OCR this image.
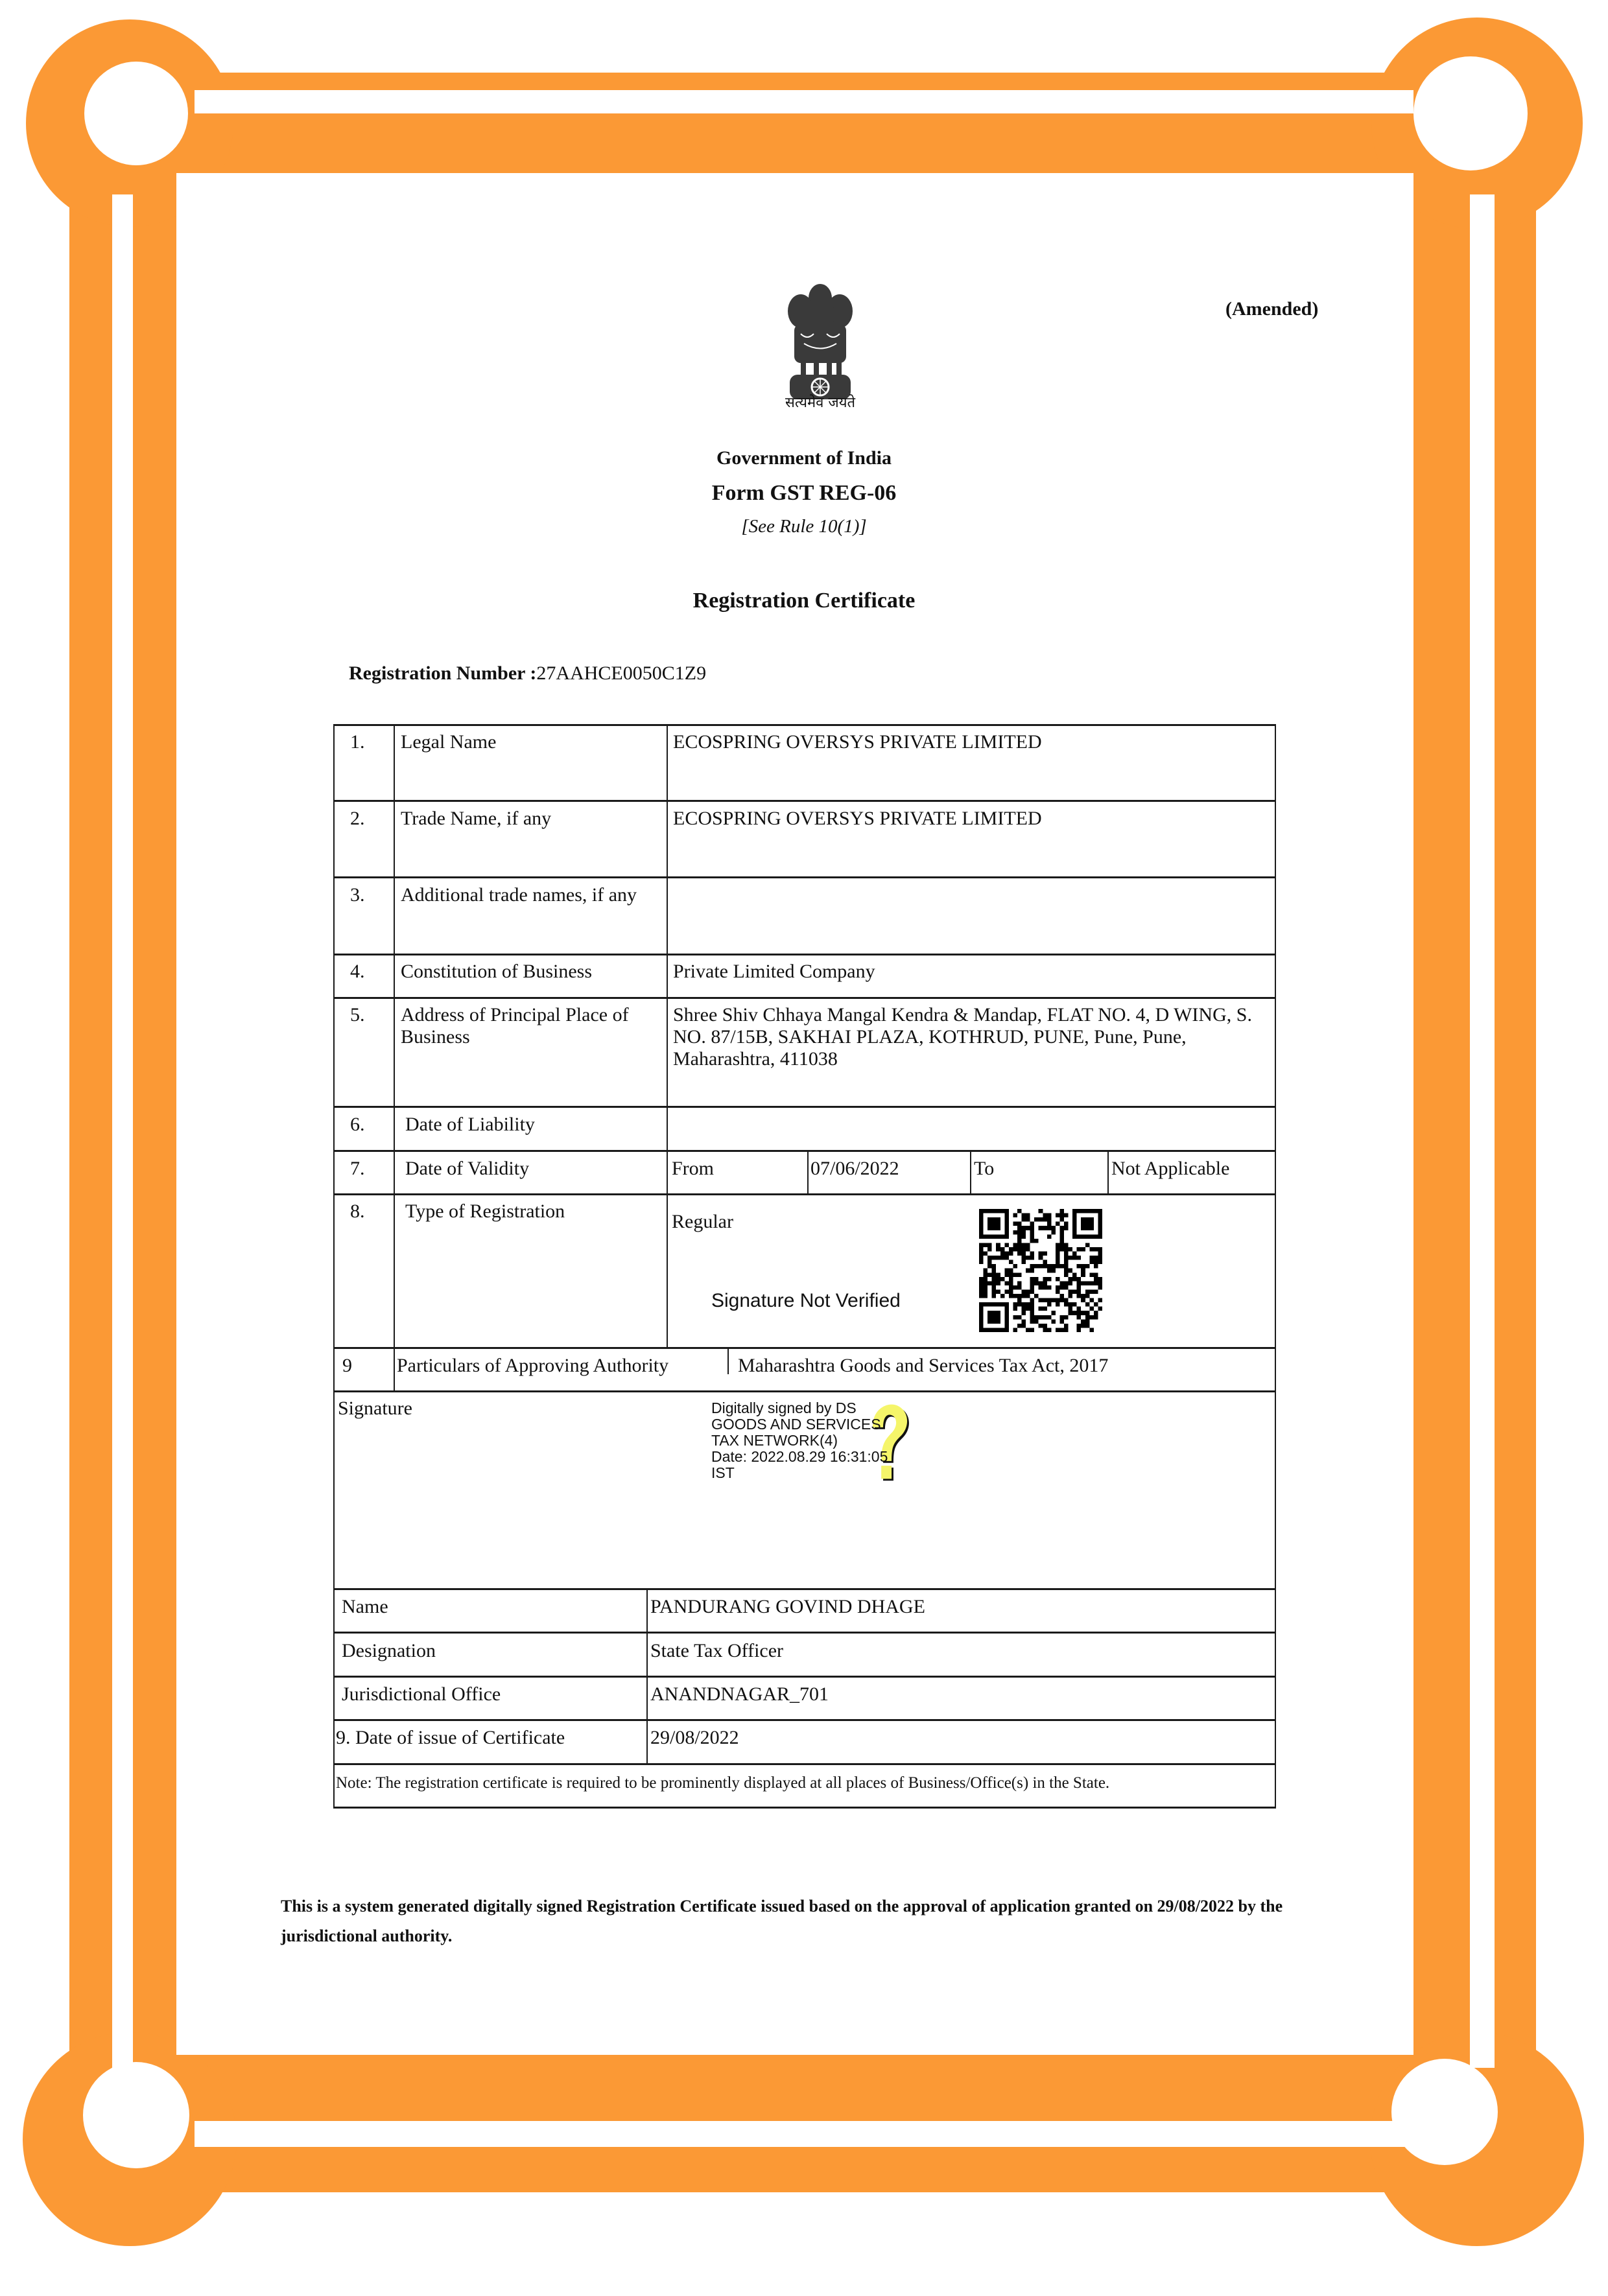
सत्यमेव जयते
(Amended)
Government of India
Form GST REG-06
[See Rule 10(1)]
Registration Certificate
Registration Number :27AAHCE0050C1Z9
1. Legal Name	ECOSPRING OVERSYS PRIVATE LIMITED
2. Trade Name, if any	ECOSPRING OVERSYS PRIVATE LIMITED
3. Additional trade names, if any
4. Constitution of Business	Private Limited Company
5. Address of Principal Place of Business
Shree Shiv Chhaya Mangal Kendra & Mandap, FLAT NO. 4, D WING, S. NO. 87/15B, SAKHAI PLAZA, KOTHRUD, PUNE, Pune, Pune, Maharashtra, 411038
6. Date of Liability
7. Date of Validity	From	07/06/2022	To	Not Applicable
8. Type of Registration	Regular
9 Particulars of Approving Authority	Maharashtra Goods and Services Tax Act, 2017
Signature
Signature Not Verified
Digitally signed by DS
GOODS AND SERVICES
TAX NETWORK(4)
Date: 2022.08.29 16:31:05
IST
Name	PANDURANG GOVIND DHAGE
Designation	State Tax Officer
Jurisdictional Office	ANANDNAGAR_701
9. Date of issue of Certificate	29/08/2022
Note: The registration certificate is required to be prominently displayed at all places of Business/Office(s) in the State.
This is a system generated digitally signed Registration Certificate issued based on the approval of application granted on 29/08/2022 by the jurisdictional authority.
